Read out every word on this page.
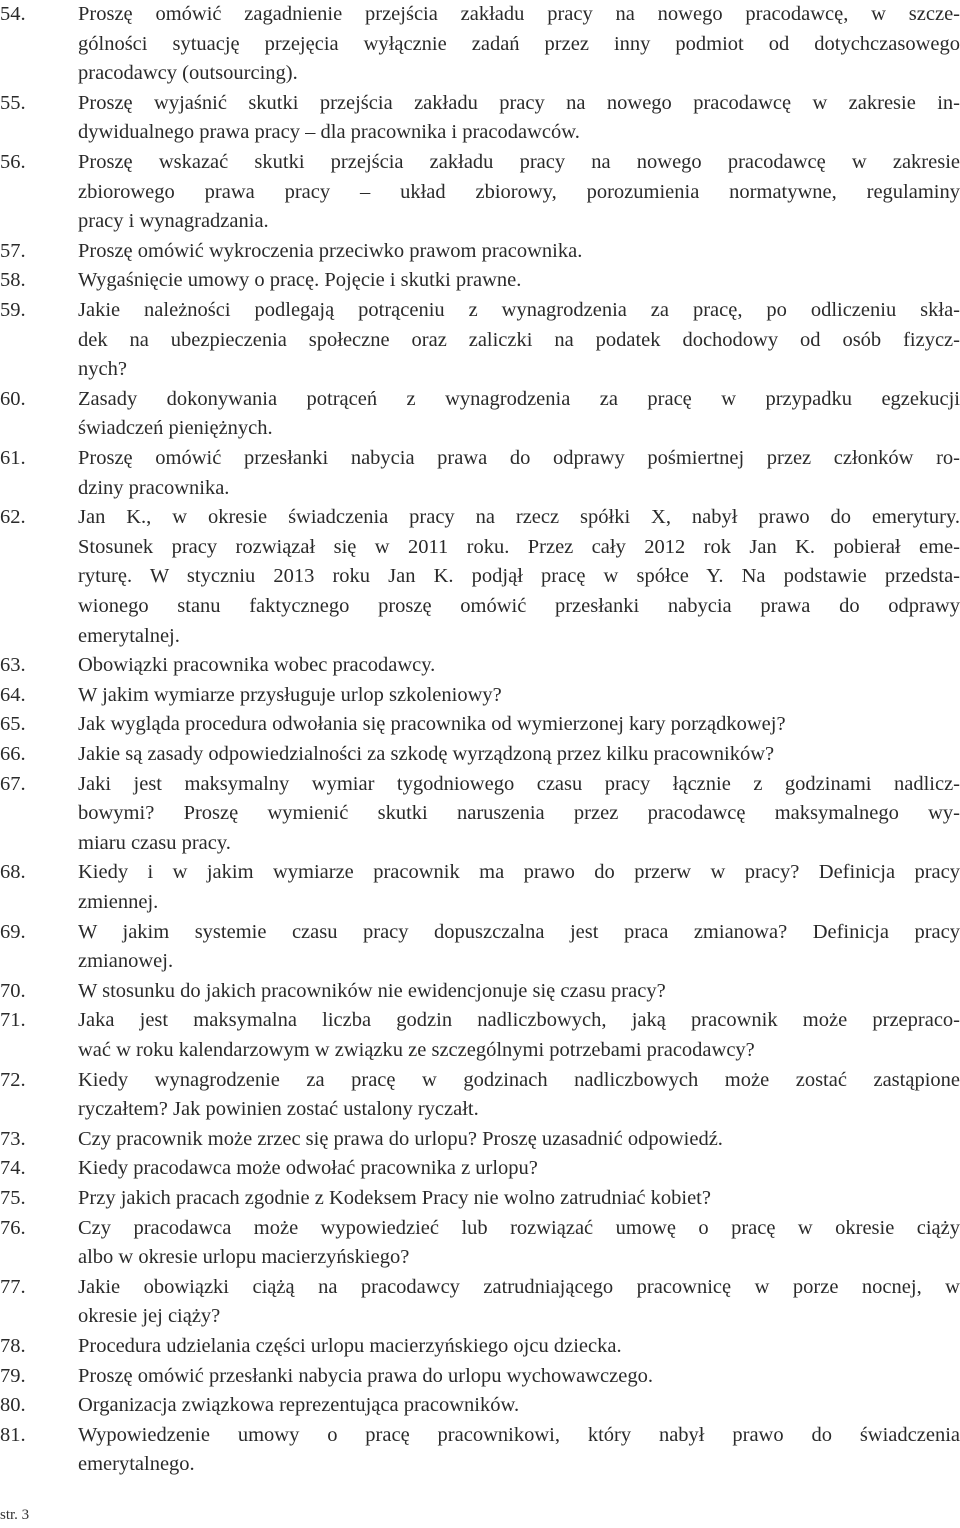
54.	Proszę omówić zagadnienie przejścia zakładu pracy na nowego pracodawcę, w szcze-
gólności sytuację przejęcia wyłącznie zadań przez inny podmiot od dotychczasowego
pracodawcy (outsourcing).
55.	Proszę wyjaśnić skutki przejścia zakładu pracy na nowego pracodawcę w zakresie in-
dywidualnego prawa pracy – dla pracownika i pracodawców.
56.	Proszę wskazać skutki przejścia zakładu pracy na nowego pracodawcę w zakresie
zbiorowego prawa pracy – układ zbiorowy, porozumienia normatywne, regulaminy
pracy i wynagradzania.
57.	Proszę omówić wykroczenia przeciwko prawom pracownika.
58.	Wygaśnięcie umowy o pracę. Pojęcie i skutki prawne.
59.	Jakie należności podlegają potrąceniu z wynagrodzenia za pracę, po odliczeniu skła-
dek na ubezpieczenia społeczne oraz zaliczki na podatek dochodowy od osób fizycz-
nych?
60.	Zasady dokonywania potrąceń z wynagrodzenia za pracę w przypadku egzekucji
świadczeń pieniężnych.
61.	Proszę omówić przesłanki nabycia prawa do odprawy pośmiertnej przez członków ro-
dziny pracownika.
62.	Jan K., w okresie świadczenia pracy na rzecz spółki X, nabył prawo do emerytury.
Stosunek pracy rozwiązał się w 2011 roku. Przez cały 2012 rok Jan K. pobierał eme-
ryturę. W styczniu 2013 roku Jan K. podjął pracę w spółce Y. Na podstawie przedsta-
wionego stanu faktycznego proszę omówić przesłanki nabycia prawa do odprawy
emerytalnej.
63.	Obowiązki pracownika wobec pracodawcy.
64.	W jakim wymiarze przysługuje urlop szkoleniowy?
65.	Jak wygląda procedura odwołania się pracownika od wymierzonej kary porządkowej?
66.	Jakie są zasady odpowiedzialności za szkodę wyrządzoną przez kilku pracowników?
67.	Jaki jest maksymalny wymiar tygodniowego czasu pracy łącznie z godzinami nadlicz-
bowymi? Proszę wymienić skutki naruszenia przez pracodawcę maksymalnego wy-
miaru czasu pracy.
68.	Kiedy i w jakim wymiarze pracownik ma prawo do przerw w pracy? Definicja pracy
zmiennej.
69.	W jakim systemie czasu pracy dopuszczalna jest praca zmianowa? Definicja pracy
zmianowej.
70.	W stosunku do jakich pracowników nie ewidencjonuje się czasu pracy?
71.	Jaka jest maksymalna liczba godzin nadliczbowych, jaką pracownik może przepraco-
wać w roku kalendarzowym w związku ze szczególnymi potrzebami pracodawcy?
72.	Kiedy wynagrodzenie za pracę w godzinach nadliczbowych może zostać zastąpione
ryczałtem? Jak powinien zostać ustalony ryczałt.
73.	Czy pracownik może zrzec się prawa do urlopu? Proszę uzasadnić odpowiedź.
74.	Kiedy pracodawca może odwołać pracownika z urlopu?
75.	Przy jakich pracach zgodnie z Kodeksem Pracy nie wolno zatrudniać kobiet?
76.	Czy pracodawca może wypowiedzieć lub rozwiązać umowę o pracę w okresie ciąży
albo w okresie urlopu macierzyńskiego?
77.	Jakie obowiązki ciążą na pracodawcy zatrudniającego pracownicę w porze nocnej, w
okresie jej ciąży?
78.	Procedura udzielania części urlopu macierzyńskiego ojcu dziecka.
79.	Proszę omówić przesłanki nabycia prawa do urlopu wychowawczego.
80.	Organizacja związkowa reprezentująca pracowników.
81.	Wypowiedzenie umowy o pracę pracownikowi, który nabył prawo do świadczenia
emerytalnego.
str. 3
